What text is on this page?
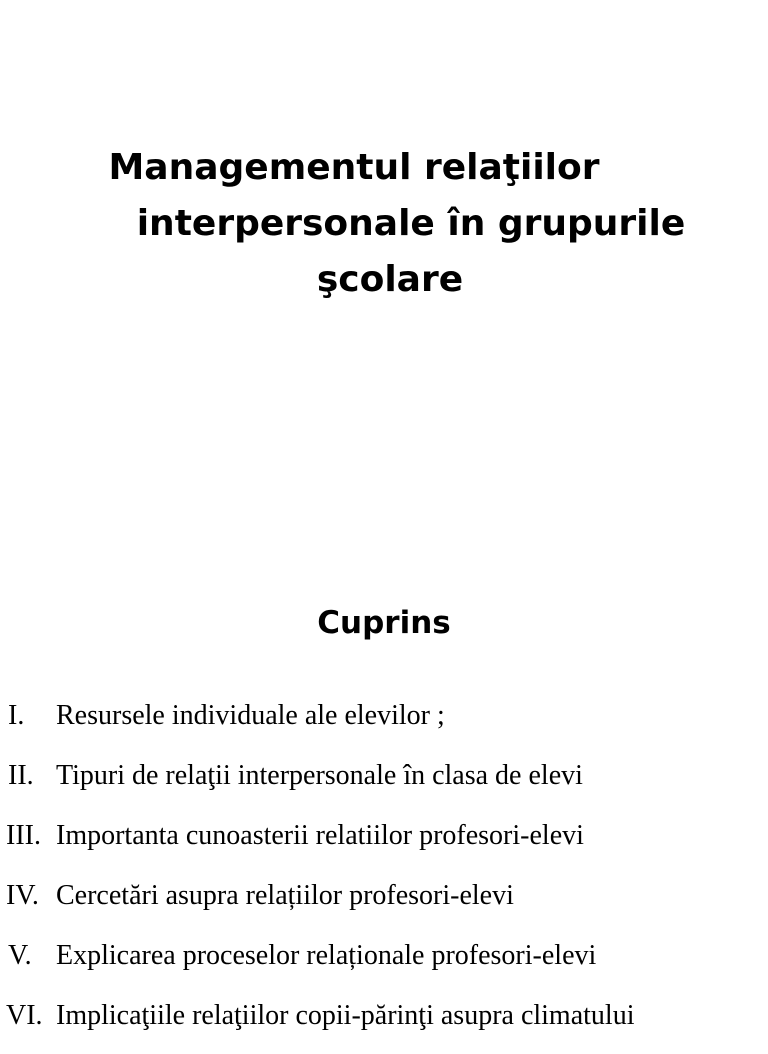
Managementul relaţiilor
interpersonale în grupurile
şcolare
Cuprins
I. Resursele individuale ale elevilor ;
II. Tipuri de relaţii interpersonale în clasa de elevi
III. Importanta cunoasterii relatiilor profesori-elevi
IV. Cercetări asupra relațiilor profesori-elevi
V. Explicarea proceselor relaționale profesori-elevi
VI. Implicaţiile relaţiilor copii-părinţi asupra climatului
